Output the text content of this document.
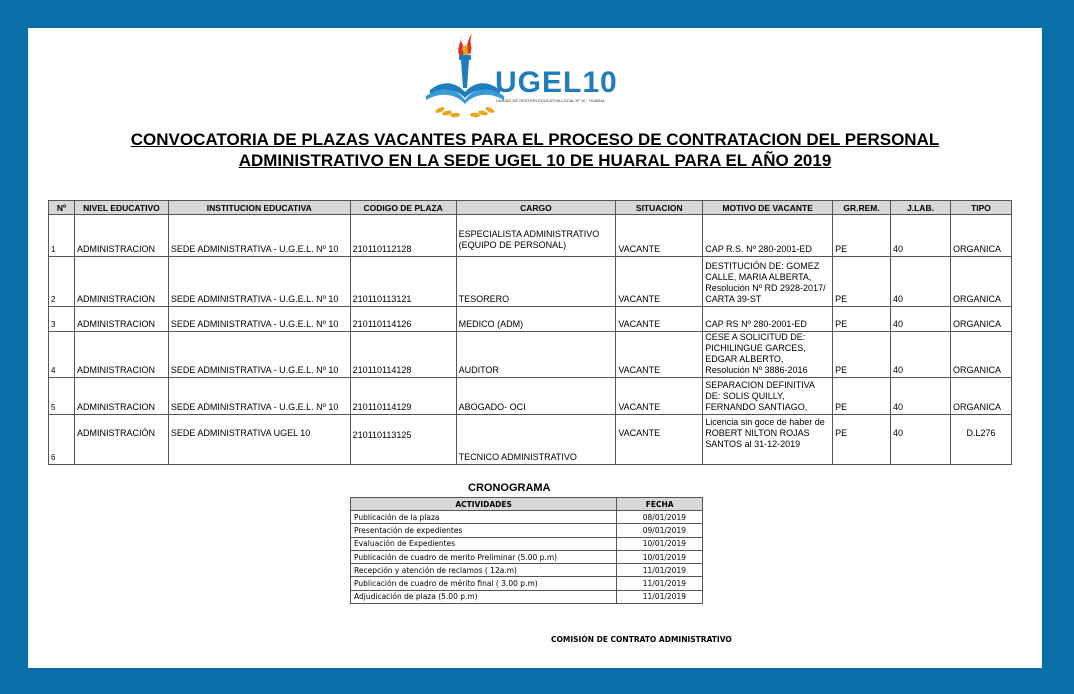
UGEL10
UNIDAD DE GESTIÓN EDUCATIVA LOCAL Nº 10 - HUARAL
CONVOCATORIA DE PLAZAS VACANTES PARA EL PROCESO DE CONTRATACION DEL PERSONAL
ADMINISTRATIVO EN LA SEDE UGEL 10 DE HUARAL PARA EL AÑO 2019
Nº	NIVEL EDUCATIVO	INSTITUCION EDUCATIVA	CODIGO DE PLAZA	CARGO	SITUACION	MOTIVO DE VACANTE	GR.REM.	J.LAB.	TIPO
1	ADMINISTRACION	SEDE ADMINISTRATIVA - U.G.E.L. Nº 10	210110112128	ESPECIALISTA ADMINISTRATIVO (EQUIPO DE PERSONAL)	VACANTE	CAP R.S. Nº 280-2001-ED	PE	40	ORGANICA
2	ADMINISTRACION	SEDE ADMINISTRATIVA - U.G.E.L. Nº 10	210110113121	TESORERO	VACANTE	DESTITUCIÓN DE: GOMEZ CALLE, MARIA ALBERTA, Resolución Nº RD 2928-2017/ CARTA 39-ST	PE	40	ORGANICA
3	ADMINISTRACION	SEDE ADMINISTRATIVA - U.G.E.L. Nº 10	210110114126	MEDICO (ADM)	VACANTE	CAP RS Nº 280-2001-ED	PE	40	ORGANICA
4	ADMINISTRACION	SEDE ADMINISTRATIVA - U.G.E.L. Nº 10	210110114128	AUDITOR	VACANTE	CESE A SOLICITUD DE: PICHILINGUE GARCES, EDGAR ALBERTO, Resolución Nº 3886-2016	PE	40	ORGANICA
5	ADMINISTRACION	SEDE ADMINISTRATIVA - U.G.E.L. Nº 10	210110114129	ABOGADO- OCI	VACANTE	SEPARACION DEFINITIVA DE: SOLIS QUILLY, FERNANDO SANTIAGO,	PE	40	ORGANICA
6	ADMINISTRACIÓN	SEDE ADMINISTRATIVA UGEL 10	210110113125	TECNICO ADMINISTRATIVO	VACANTE	Licencia sin goce de haber de ROBERT NILTON ROJAS SANTOS al 31-12-2019	PE	40	D.L276
CRONOGRAMA
ACTIVIDADES	FECHA
Publicación de la plaza	08/01/2019
Presentación de expedientes	09/01/2019
Evaluación de Expedientes	10/01/2019
Publicación de cuadro de merito Preliminar (5.00 p.m)	10/01/2019
Recepción y atención de reclamos ( 12a.m)	11/01/2019
Publicación de cuadro de mérito final ( 3.00 p.m)	11/01/2019
Adjudicación de plaza (5.00 p.m)	11/01/2019
COMISIÓN DE CONTRATO ADMINISTRATIVO
